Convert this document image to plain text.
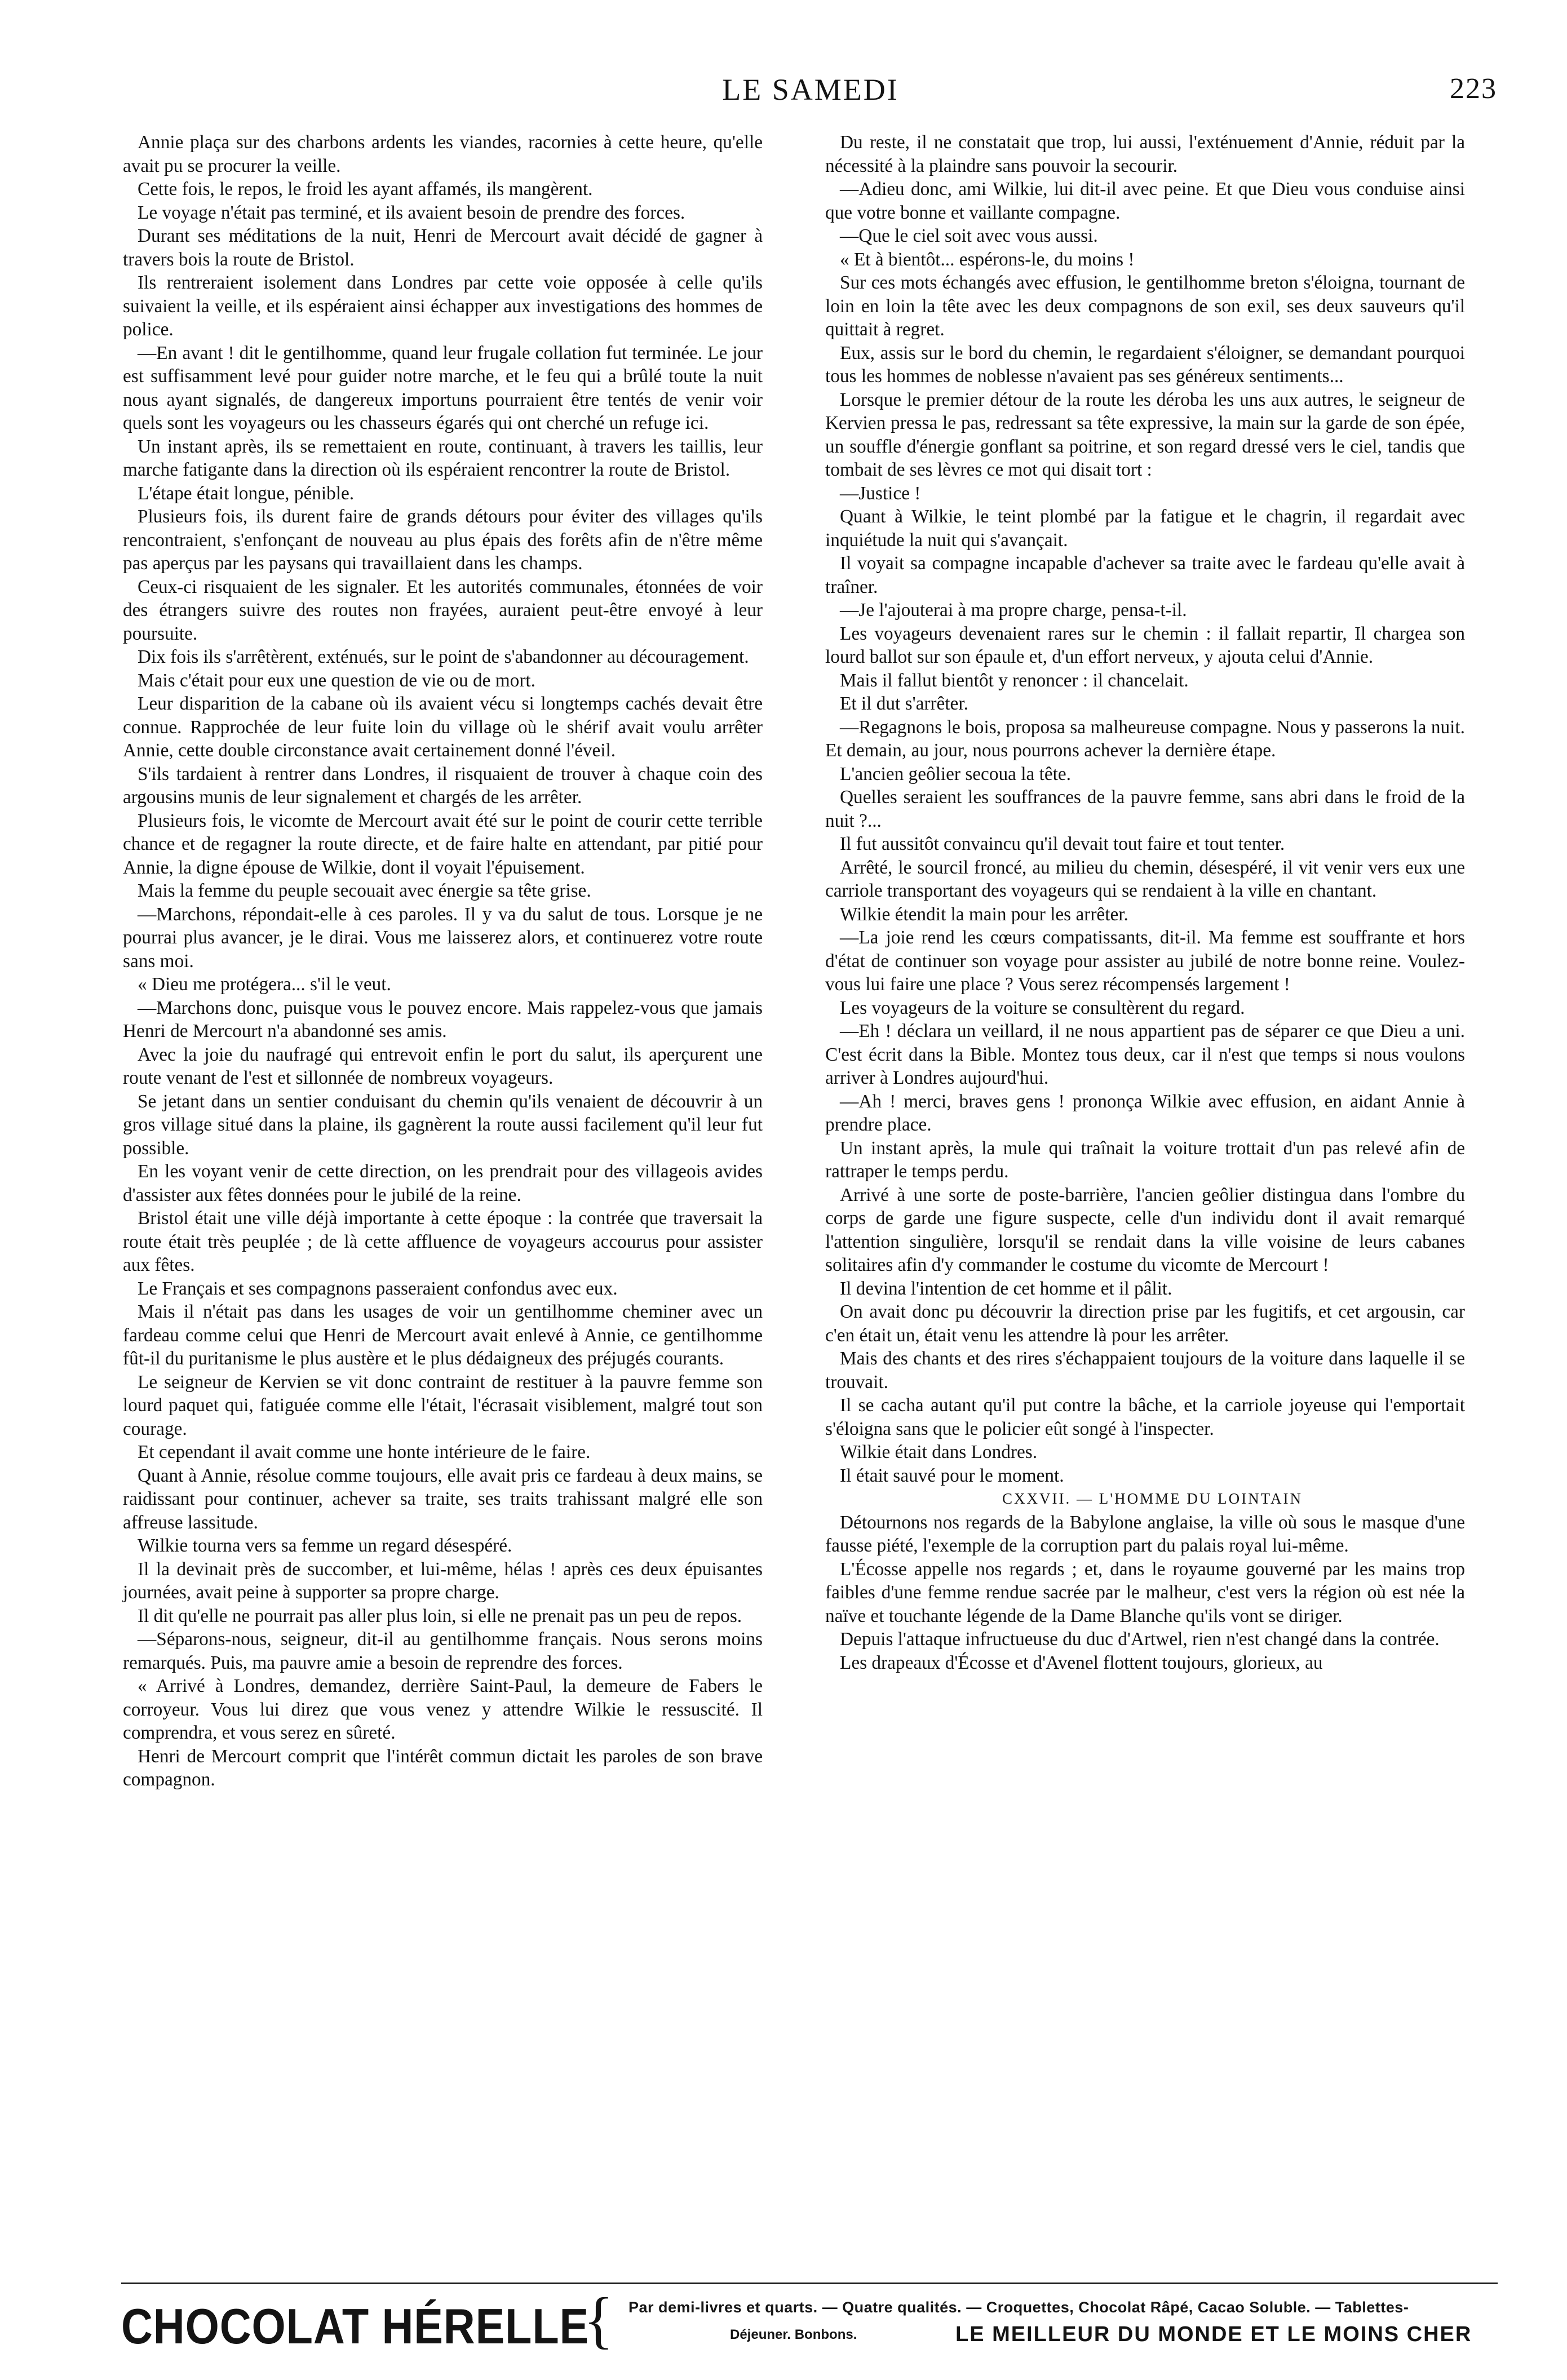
LE SAMEDI	223

Annie plaça sur des charbons ardents les viandes, racornies à cette heure, qu'elle avait pu se procurer la veille.

Cette fois, le repos, le froid les ayant affamés, ils mangèrent.

Le voyage n'était pas terminé, et ils avaient besoin de prendre des forces.

Durant ses méditations de la nuit, Henri de Mercourt avait décidé de gagner à travers bois la route de Bristol.

Ils rentreraient isolement dans Londres par cette voie opposée à celle qu'ils suivaient la veille, et ils espéraient ainsi échapper aux investigations des hommes de police.

—En avant ! dit le gentilhomme, quand leur frugale collation fut terminée. Le jour est suffisamment levé pour guider notre marche, et le feu qui a brûlé toute la nuit nous ayant signalés, de dangereux importuns pourraient être tentés de venir voir quels sont les voyageurs ou les chasseurs égarés qui ont cherché un refuge ici.

Un instant après, ils se remettaient en route, continuant, à travers les taillis, leur marche fatigante dans la direction où ils espéraient rencontrer la route de Bristol.

L'étape était longue, pénible.

Plusieurs fois, ils durent faire de grands détours pour éviter des villages qu'ils rencontraient, s'enfonçant de nouveau au plus épais des forêts afin de n'être même pas aperçus par les paysans qui travaillaient dans les champs.

Ceux-ci risquaient de les signaler. Et les autorités communales, étonnées de voir des étrangers suivre des routes non frayées, auraient peut-être envoyé à leur poursuite.

Dix fois ils s'arrêtèrent, exténués, sur le point de s'abandonner au découragement.

Mais c'était pour eux une question de vie ou de mort.

Leur disparition de la cabane où ils avaient vécu si longtemps cachés devait être connue. Rapprochée de leur fuite loin du village où le shérif avait voulu arrêter Annie, cette double circonstance avait certainement donné l'éveil.

S'ils tardaient à rentrer dans Londres, il risquaient de trouver à chaque coin des argousins munis de leur signalement et chargés de les arrêter.

Plusieurs fois, le vicomte de Mercourt avait été sur le point de courir cette terrible chance et de regagner la route directe, et de faire halte en attendant, par pitié pour Annie, la digne épouse de Wilkie, dont il voyait l'épuisement.

Mais la femme du peuple secouait avec énergie sa tête grise.

—Marchons, répondait-elle à ces paroles. Il y va du salut de tous. Lorsque je ne pourrai plus avancer, je le dirai. Vous me laisserez alors, et continuerez votre route sans moi.

« Dieu me protégera... s'il le veut.

—Marchons donc, puisque vous le pouvez encore. Mais rappelez-vous que jamais Henri de Mercourt n'a abandonné ses amis.

Avec la joie du naufragé qui entrevoit enfin le port du salut, ils aperçurent une route venant de l'est et sillonnée de nombreux voyageurs.

Se jetant dans un sentier conduisant du chemin qu'ils venaient de découvrir à un gros village situé dans la plaine, ils gagnèrent la route aussi facilement qu'il leur fut possible.

En les voyant venir de cette direction, on les prendrait pour des villageois avides d'assister aux fêtes données pour le jubilé de la reine.

Bristol était une ville déjà importante à cette époque : la contrée que traversait la route était très peuplée ; de là cette affluence de voyageurs accourus pour assister aux fêtes.

Le Français et ses compagnons passeraient confondus avec eux.

Mais il n'était pas dans les usages de voir un gentilhomme cheminer avec un fardeau comme celui que Henri de Mercourt avait enlevé à Annie, ce gentilhomme fût-il du puritanisme le plus austère et le plus dédaigneux des préjugés courants.

Le seigneur de Kervien se vit donc contraint de restituer à la pauvre femme son lourd paquet qui, fatiguée comme elle l'était, l'écrasait visiblement, malgré tout son courage.

Et cependant il avait comme une honte intérieure de le faire.

Quant à Annie, résolue comme toujours, elle avait pris ce fardeau à deux mains, se raidissant pour continuer, achever sa traite, ses traits trahissant malgré elle son affreuse lassitude.

Wilkie tourna vers sa femme un regard désespéré.

Il la devinait près de succomber, et lui-même, hélas ! après ces deux épuisantes journées, avait peine à supporter sa propre charge.

Il dit qu'elle ne pourrait pas aller plus loin, si elle ne prenait pas un peu de repos.

—Séparons-nous, seigneur, dit-il au gentilhomme français. Nous serons moins remarqués. Puis, ma pauvre amie a besoin de reprendre des forces.

« Arrivé à Londres, demandez, derrière Saint-Paul, la demeure de Fabers le corroyeur. Vous lui direz que vous venez y attendre Wilkie le ressuscité. Il comprendra, et vous serez en sûreté.

Henri de Mercourt comprit que l'intérêt commun dictait les paroles de son brave compagnon.

Du reste, il ne constatait que trop, lui aussi, l'exténuement d'Annie, réduit par la nécessité à la plaindre sans pouvoir la secourir.

—Adieu donc, ami Wilkie, lui dit-il avec peine. Et que Dieu vous conduise ainsi que votre bonne et vaillante compagne.

—Que le ciel soit avec vous aussi.

« Et à bientôt... espérons-le, du moins !

Sur ces mots échangés avec effusion, le gentilhomme breton s'éloigna, tournant de loin en loin la tête avec les deux compagnons de son exil, ses deux sauveurs qu'il quittait à regret.

Eux, assis sur le bord du chemin, le regardaient s'éloigner, se demandant pourquoi tous les hommes de noblesse n'avaient pas ses généreux sentiments...

Lorsque le premier détour de la route les déroba les uns aux autres, le seigneur de Kervien pressa le pas, redressant sa tête expressive, la main sur la garde de son épée, un souffle d'énergie gonflant sa poitrine, et son regard dressé vers le ciel, tandis que tombait de ses lèvres ce mot qui disait tort :

—Justice !

Quant à Wilkie, le teint plombé par la fatigue et le chagrin, il regardait avec inquiétude la nuit qui s'avançait.

Il voyait sa compagne incapable d'achever sa traite avec le fardeau qu'elle avait à traîner.

—Je l'ajouterai à ma propre charge, pensa-t-il.

Les voyageurs devenaient rares sur le chemin : il fallait repartir, Il chargea son lourd ballot sur son épaule et, d'un effort nerveux, y ajouta celui d'Annie.

Mais il fallut bientôt y renoncer : il chancelait.

Et il dut s'arrêter.

—Regagnons le bois, proposa sa malheureuse compagne. Nous y passerons la nuit. Et demain, au jour, nous pourrons achever la dernière étape.

L'ancien geôlier secoua la tête.

Quelles seraient les souffrances de la pauvre femme, sans abri dans le froid de la nuit ?...

Il fut aussitôt convaincu qu'il devait tout faire et tout tenter.

Arrêté, le sourcil froncé, au milieu du chemin, désespéré, il vit venir vers eux une carriole transportant des voyageurs qui se rendaient à la ville en chantant.

Wilkie étendit la main pour les arrêter.

—La joie rend les cœurs compatissants, dit-il. Ma femme est souffrante et hors d'état de continuer son voyage pour assister au jubilé de notre bonne reine. Voulez-vous lui faire une place ? Vous serez récompensés largement !

Les voyageurs de la voiture se consultèrent du regard.

—Eh ! déclara un veillard, il ne nous appartient pas de séparer ce que Dieu a uni. C'est écrit dans la Bible. Montez tous deux, car il n'est que temps si nous voulons arriver à Londres aujourd'hui.

—Ah ! merci, braves gens ! prononça Wilkie avec effusion, en aidant Annie à prendre place.

Un instant après, la mule qui traînait la voiture trottait d'un pas relevé afin de rattraper le temps perdu.

Arrivé à une sorte de poste-barrière, l'ancien geôlier distingua dans l'ombre du corps de garde une figure suspecte, celle d'un individu dont il avait remarqué l'attention singulière, lorsqu'il se rendait dans la ville voisine de leurs cabanes solitaires afin d'y commander le costume du vicomte de Mercourt !

Il devina l'intention de cet homme et il pâlit.

On avait donc pu découvrir la direction prise par les fugitifs, et cet argousin, car c'en était un, était venu les attendre là pour les arrêter.

Mais des chants et des rires s'échappaient toujours de la voiture dans laquelle il se trouvait.

Il se cacha autant qu'il put contre la bâche, et la carriole joyeuse qui l'emportait s'éloigna sans que le policier eût songé à l'inspecter.

Wilkie était dans Londres.

Il était sauvé pour le moment.

CXXVII. — L'HOMME DU LOINTAIN

Détournons nos regards de la Babylone anglaise, la ville où sous le masque d'une fausse piété, l'exemple de la corruption part du palais royal lui-même.

L'Écosse appelle nos regards ; et, dans le royaume gouverné par les mains trop faibles d'une femme rendue sacrée par le malheur, c'est vers la région où est née la naïve et touchante légende de la Dame Blanche qu'ils vont se diriger.

Depuis l'attaque infructueuse du duc d'Artwel, rien n'est changé dans la contrée.

Les drapeaux d'Écosse et d'Avenel flottent toujours, glorieux, au

CHOCOLAT HÉRELLE
{ Par demi-livres et quarts. — Quatre qualités. — Croquettes, Chocolat Râpé, Cacao Soluble. — Tablettes-
Déjeuner. Bonbons.	LE MEILLEUR DU MONDE ET LE MOINS CHER
